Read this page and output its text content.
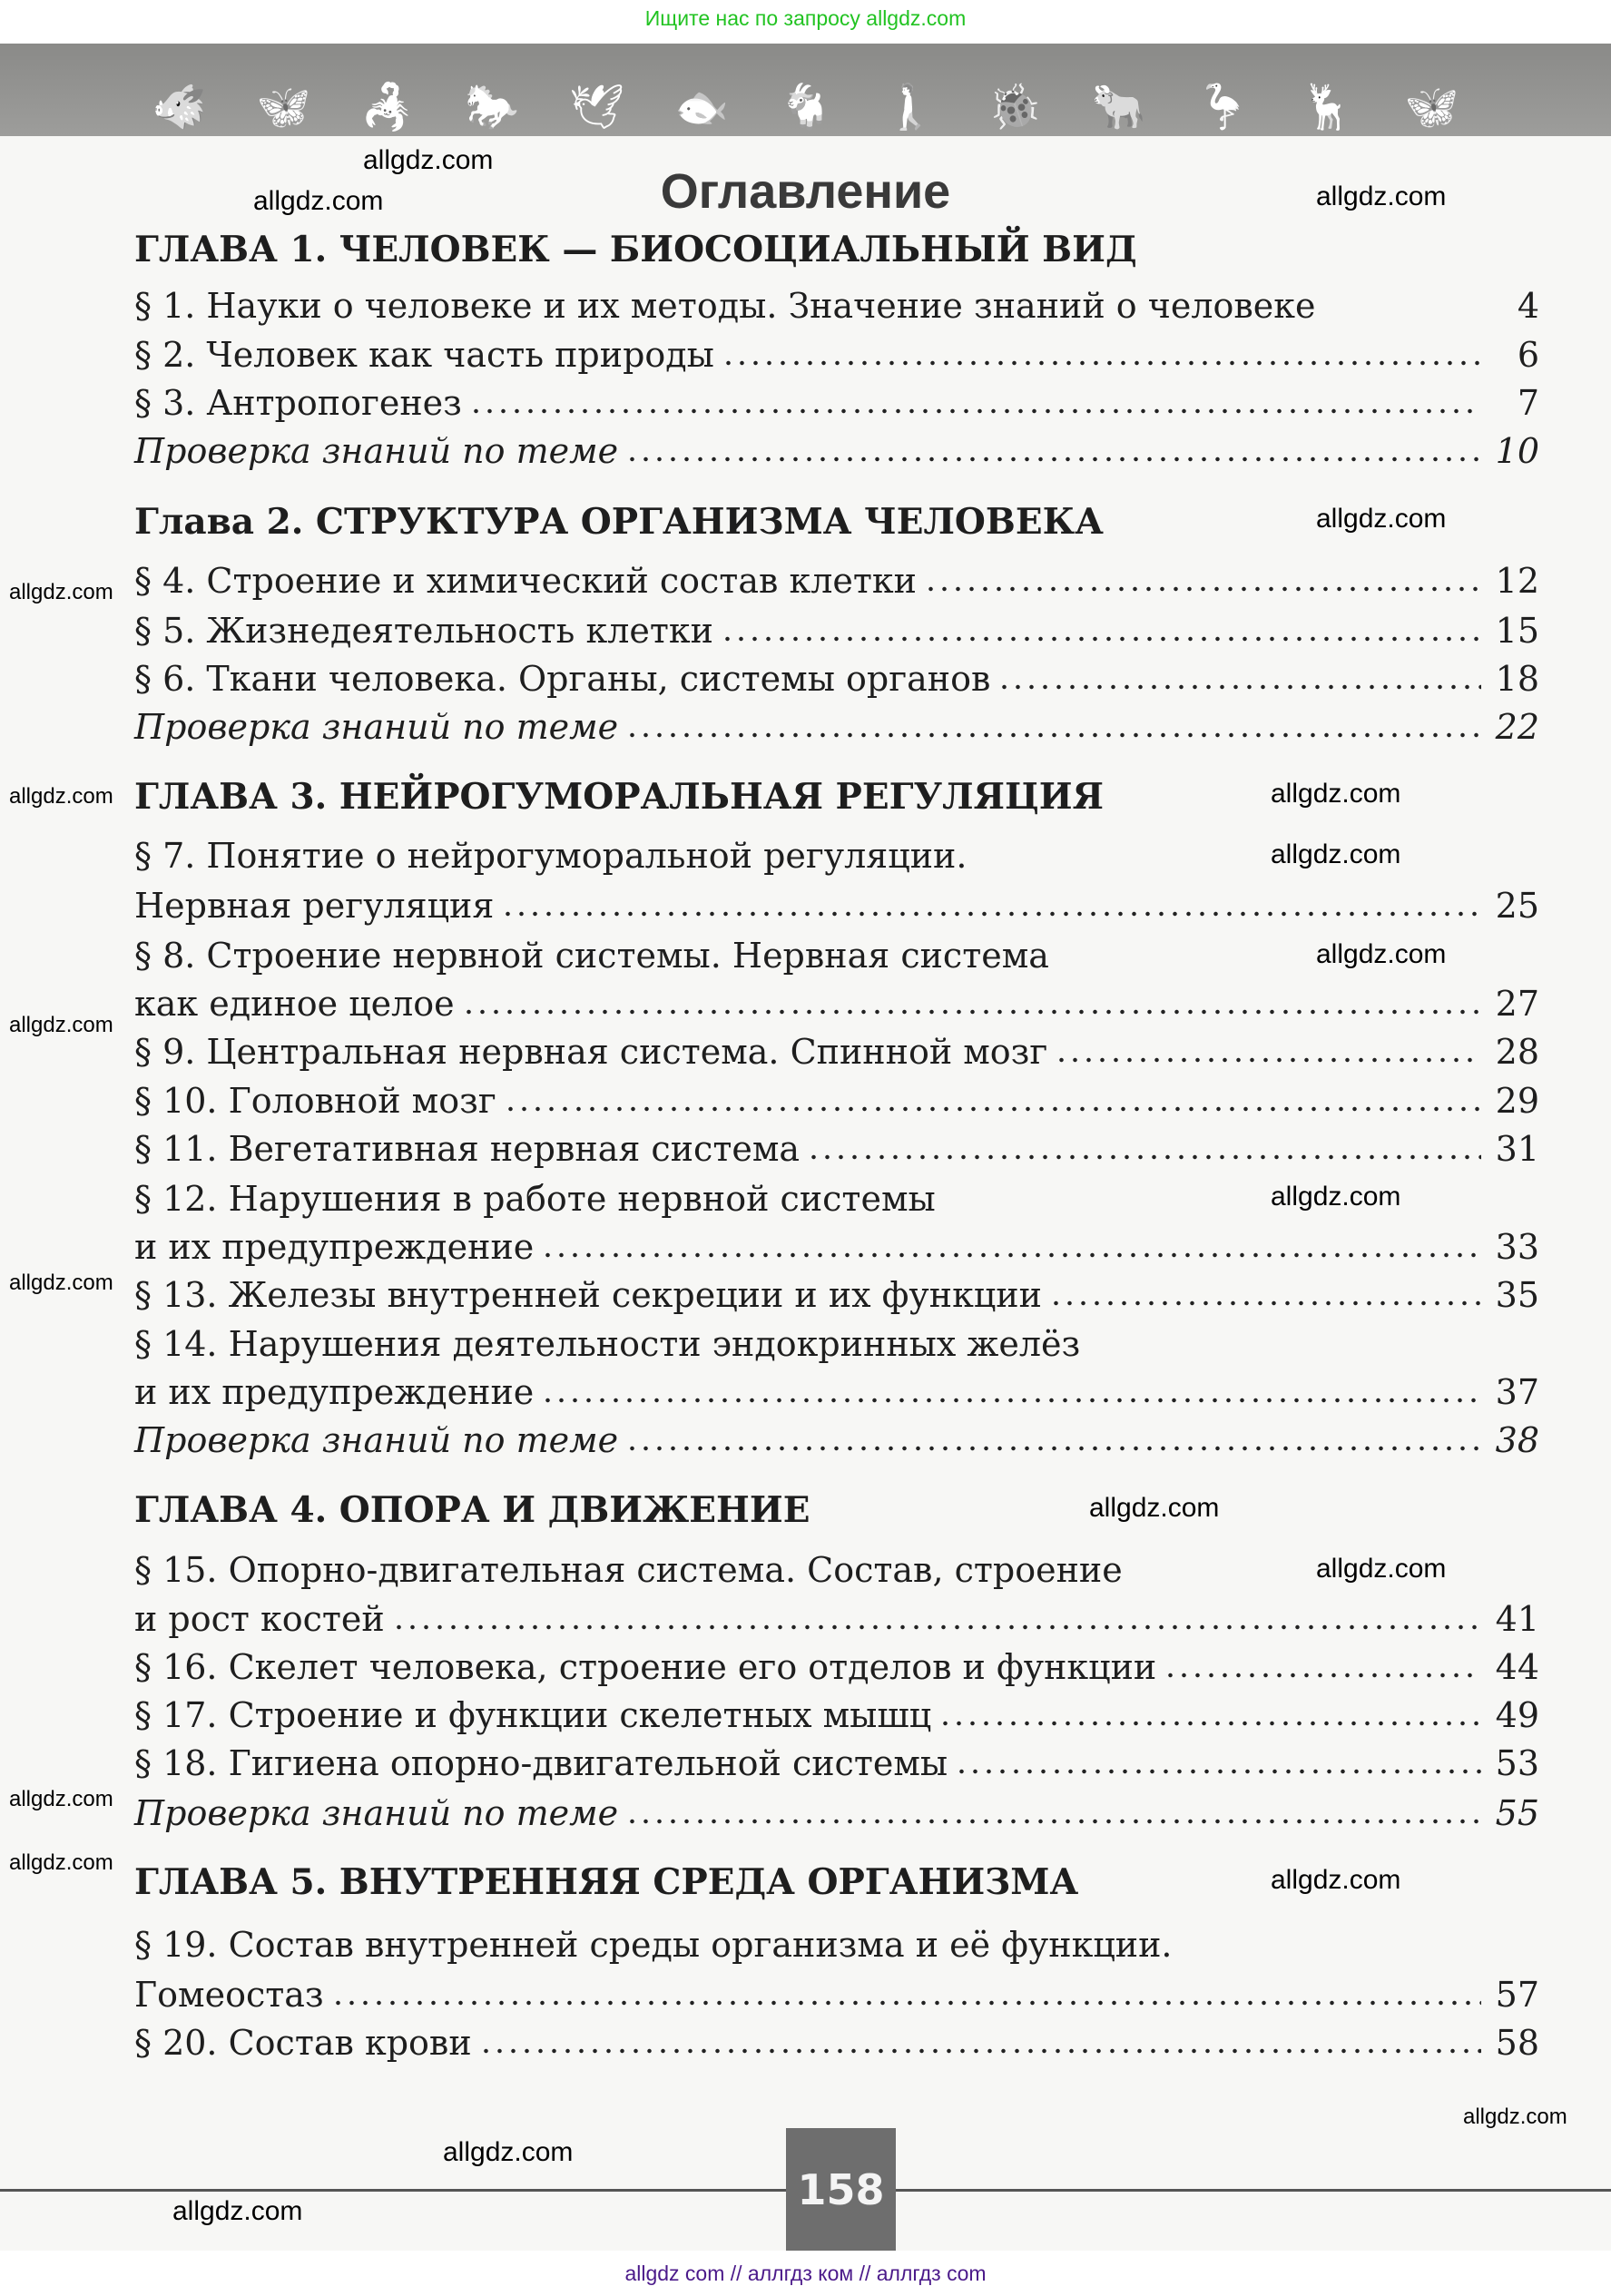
Ищите нас по запросу allgdz.com
🐗 🦋 🦂 🐎 🕊 🐟 🐐 🚶 🐞 🐂 🦩 🦌 🦋
Оглавление
ГЛАВА 1. ЧЕЛОВЕК — БИОСОЦИАЛЬНЫЙ ВИД
§ 1. Науки о человеке и их методы. Значение знаний о человеке	4
§ 2. Человек как часть природы	6
§ 3. Антропогенез	7
Проверка знаний по теме	10
Глава 2. СТРУКТУРА ОРГАНИЗМА ЧЕЛОВЕКА
§ 4. Строение и химический состав клетки	12
§ 5. Жизнедеятельность клетки	15
§ 6. Ткани человека. Органы, системы органов	18
Проверка знаний по теме	22
ГЛАВА 3. НЕЙРОГУМОРАЛЬНАЯ РЕГУЛЯЦИЯ
§ 7. Понятие о нейрогуморальной регуляции.
Нервная регуляция	25
§ 8. Строение нервной системы. Нервная система
как единое целое	27
§ 9. Центральная нервная система. Спинной мозг	28
§ 10. Головной мозг	29
§ 11. Вегетативная нервная система	31
§ 12. Нарушения в работе нервной системы
и их предупреждение	33
§ 13. Железы внутренней секреции и их функции	35
§ 14. Нарушения деятельности эндокринных желёз
и их предупреждение	37
Проверка знаний по теме	38
ГЛАВА 4. ОПОРА И ДВИЖЕНИЕ
§ 15. Опорно-двигательная система. Состав, строение
и рост костей	41
§ 16. Скелет человека, строение его отделов и функции	44
§ 17. Строение и функции скелетных мышц	49
§ 18. Гигиена опорно-двигательной системы	53
Проверка знаний по теме	55
ГЛАВА 5. ВНУТРЕННЯЯ СРЕДА ОРГАНИЗМА
§ 19. Состав внутренней среды организма и её функции.
Гомеостаз	57
§ 20. Состав крови	58
allgdz.com
allgdz.com	allgdz.com
allgdz.com
allgdz.com
allgdz.com
allgdz.com	allgdz.com
allgdz.com
allgdz.com
allgdz.com
allgdz.com
allgdz.com
allgdz.com
allgdz.com
allgdz.com
allgdz.com
allgdz.com
allgdz.com
allgdz.com	158
allgdz com // аллгдз ком // аллгдз com
